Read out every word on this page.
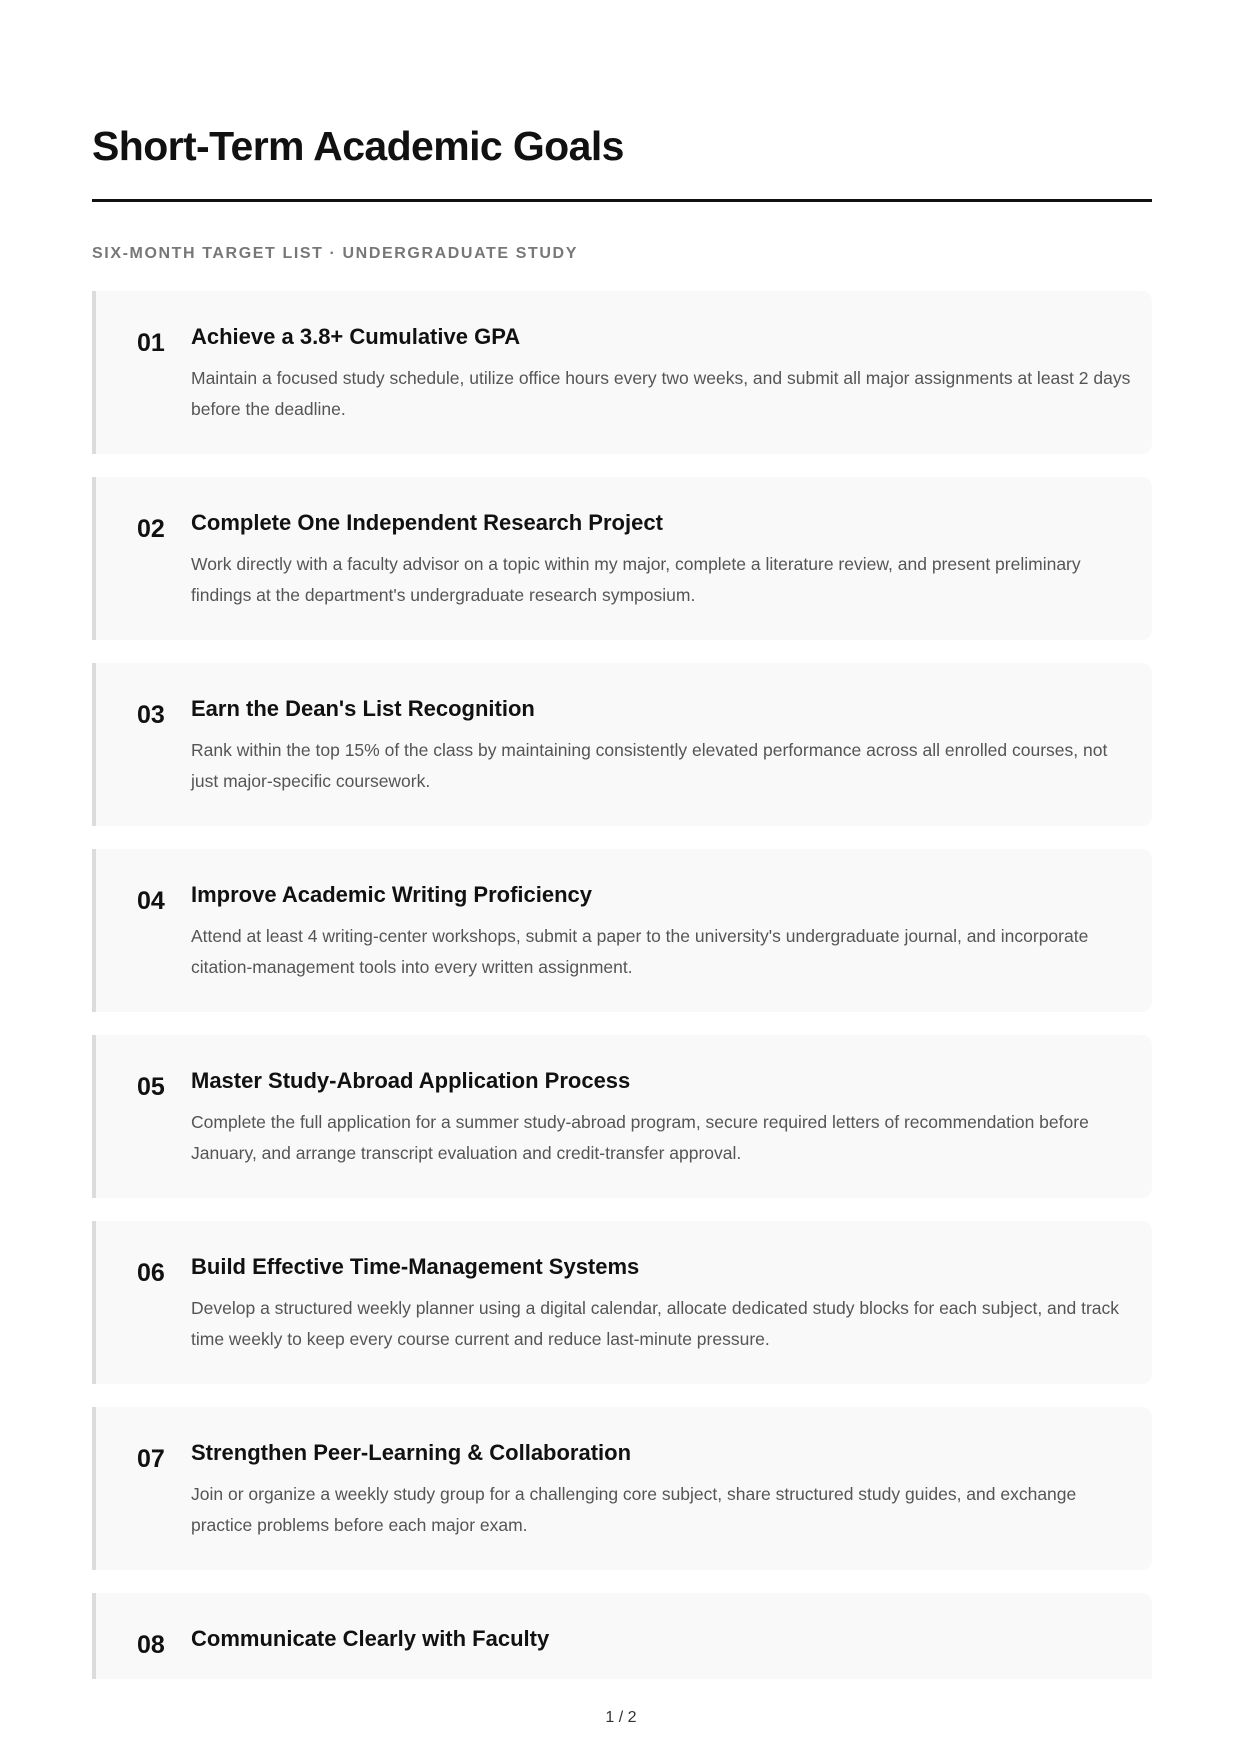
Short-Term Academic Goals
SIX-MONTH TARGET LIST · UNDERGRADUATE STUDY
01 Achieve a 3.8+ Cumulative GPA

Maintain a focused study schedule, utilize office hours every two weeks, and submit all major assignments at least 2 days before the deadline.

02 Complete One Independent Research Project

Work directly with a faculty advisor on a topic within my major, complete a literature review, and present preliminary findings at the department's undergraduate research symposium.

03 Earn the Dean's List Recognition

Rank within the top 15% of the class by maintaining consistently elevated performance across all enrolled courses, not just major-specific coursework.

04 Improve Academic Writing Proficiency

Attend at least 4 writing-center workshops, submit a paper to the university's undergraduate journal, and incorporate citation-management tools into every written assignment.

05 Master Study-Abroad Application Process

Complete the full application for a summer study-abroad program, secure required letters of recommendation before January, and arrange transcript evaluation and credit-transfer approval.

06 Build Effective Time-Management Systems

Develop a structured weekly planner using a digital calendar, allocate dedicated study blocks for each subject, and track time weekly to keep every course current and reduce last-minute pressure.

07 Strengthen Peer-Learning & Collaboration

Join or organize a weekly study group for a challenging core subject, share structured study guides, and exchange practice problems before each major exam.

08 Communicate Clearly with Faculty
1 / 2
